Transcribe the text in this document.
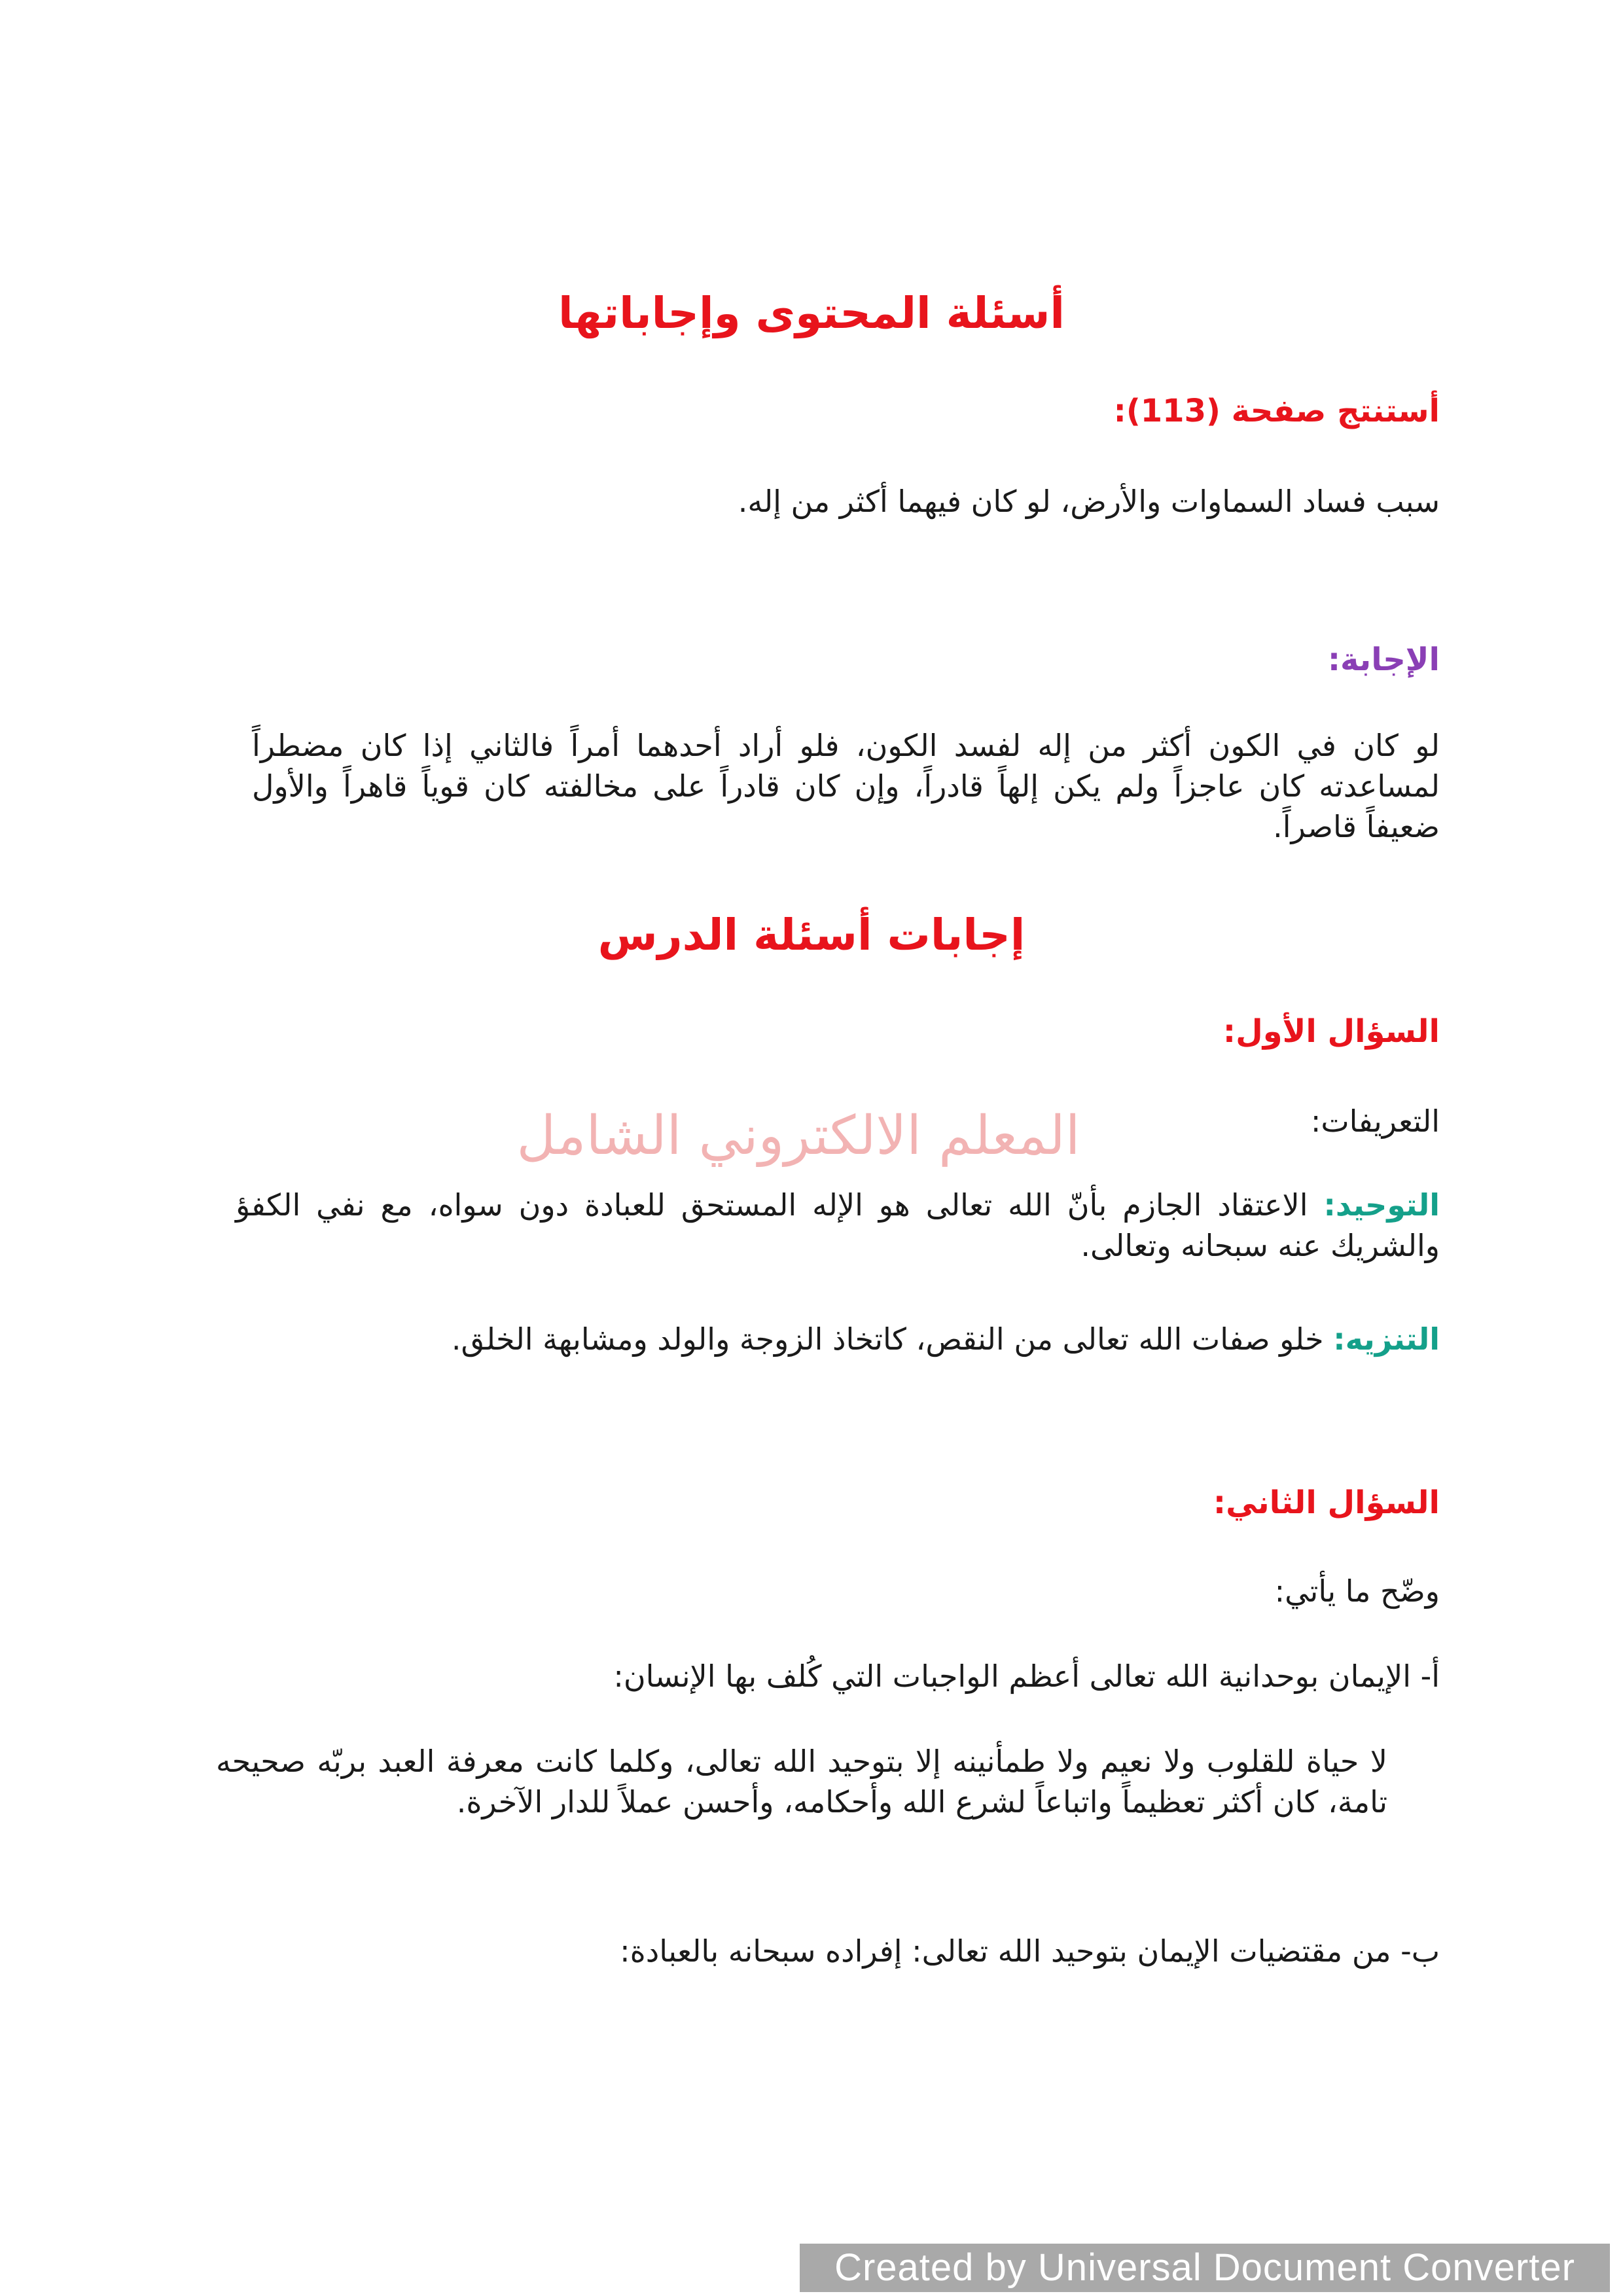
أسئلة المحتوى وإجاباتها
أستنتج صفحة (113):
سبب فساد السماوات والأرض، لو كان فيهما أكثر من إله.
الإجابة:
لو كان في الكون أكثر من إله لفسد الكون، فلو أراد أحدهما أمراً فالثاني إذا كان مضطراً لمساعدته كان عاجزاً ولم يكن إلهاً قادراً، وإن كان قادراً على مخالفته كان قوياً قاهراً والأول ضعيفاً قاصراً.
إجابات أسئلة الدرس
السؤال الأول:
التعريفات:
المعلم الالكتروني الشامل
التوحيد: الاعتقاد الجازم بأنّ الله تعالى هو الإله المستحق للعبادة دون سواه، مع نفي الكفؤ والشريك عنه سبحانه وتعالى.
التنزيه: خلو صفات الله تعالى من النقص، كاتخاذ الزوجة والولد ومشابهة الخلق.
السؤال الثاني:
وضّح ما يأتي:
أ- الإيمان بوحدانية الله تعالى أعظم الواجبات التي كُلف بها الإنسان:
لا حياة للقلوب ولا نعيم ولا طمأنينه إلا بتوحيد الله تعالى، وكلما كانت معرفة العبد بربّه صحيحه تامة، كان أكثر تعظيماً واتباعاً لشرع الله وأحكامه، وأحسن عملاً للدار الآخرة.
ب- من مقتضيات الإيمان بتوحيد الله تعالى: إفراده سبحانه بالعبادة:
Created by Universal Document Converter
